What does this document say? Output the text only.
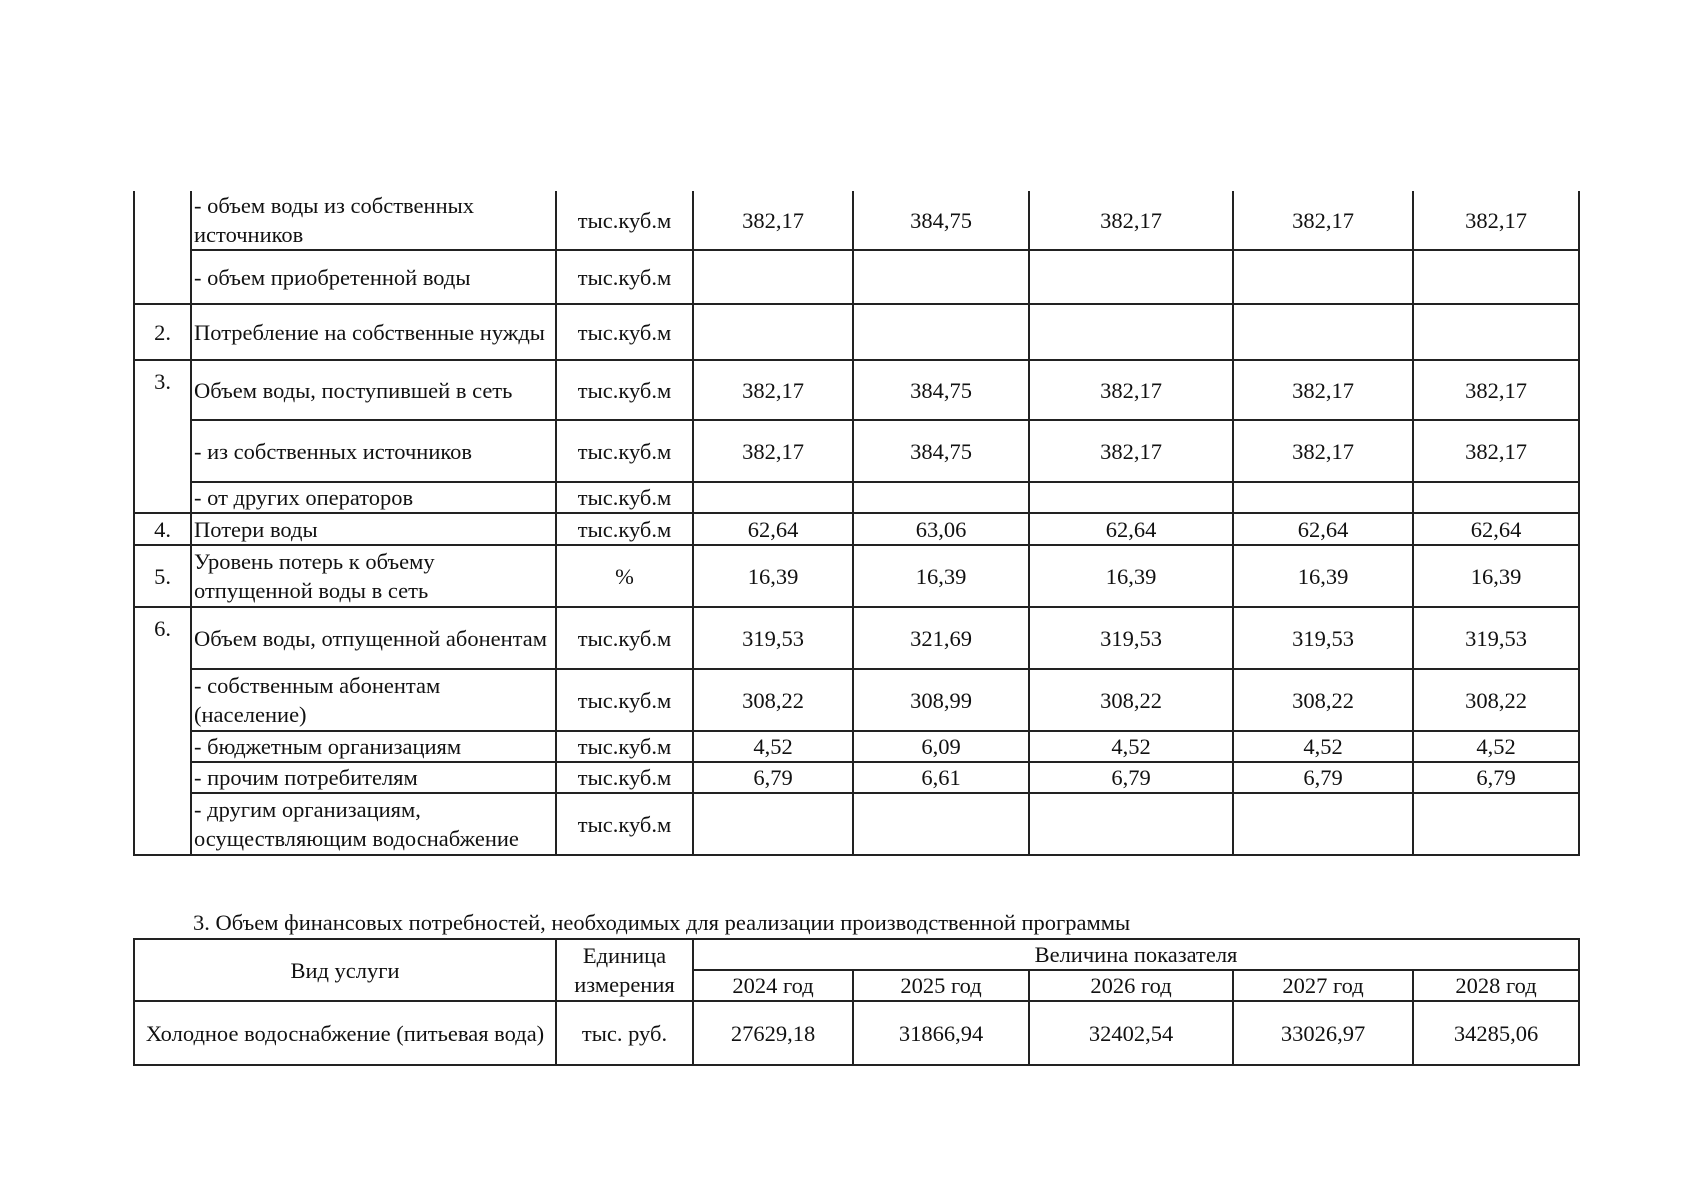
	- объем воды из собственных источников	тыс.куб.м	382,17	384,75	382,17	382,17	382,17
	- объем приобретенной воды	тыс.куб.м					
2.	Потребление на собственные нужды	тыс.куб.м					
3.	Объем воды, поступившей в сеть	тыс.куб.м	382,17	384,75	382,17	382,17	382,17
	- из собственных источников	тыс.куб.м	382,17	384,75	382,17	382,17	382,17
	- от других операторов	тыс.куб.м					
4.	Потери воды	тыс.куб.м	62,64	63,06	62,64	62,64	62,64
5.	Уровень потерь к объему отпущенной воды в сеть	%	16,39	16,39	16,39	16,39	16,39
6.	Объем воды, отпущенной абонентам	тыс.куб.м	319,53	321,69	319,53	319,53	319,53
	- собственным абонентам (население)	тыс.куб.м	308,22	308,99	308,22	308,22	308,22
	- бюджетным организациям	тыс.куб.м	4,52	6,09	4,52	4,52	4,52
	- прочим потребителям	тыс.куб.м	6,79	6,61	6,79	6,79	6,79
	- другим организациям, осуществляющим водоснабжение	тыс.куб.м					
3. Объем финансовых потребностей, необходимых для реализации производственной программы
Вид услуги	Единица измерения	Величина показателя				
		2024 год	2025 год	2026 год	2027 год	2028 год
Холодное водоснабжение (питьевая вода)	тыс. руб.	27629,18	31866,94	32402,54	33026,97	34285,06
